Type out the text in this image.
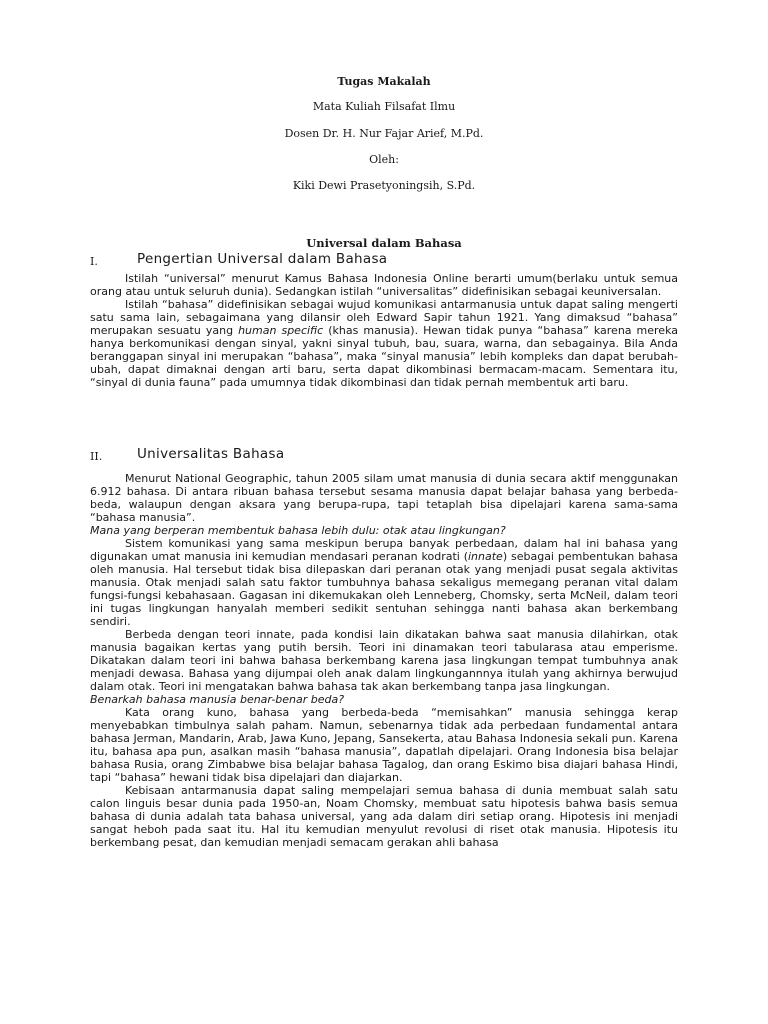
Tugas Makalah
Mata Kuliah Filsafat Ilmu
Dosen Dr. H. Nur Fajar Arief, M.Pd.
Oleh:
Kiki Dewi Prasetyoningsih, S.Pd.
Universal dalam Bahasa
I.	Pengertian Universal dalam Bahasa

Istilah “universal” menurut Kamus Bahasa Indonesia Online berarti umum(berlaku untuk semua orang atau untuk seluruh dunia). Sedangkan istilah “universalitas” didefinisikan sebagai keuniversalan.

Istilah “bahasa” didefinisikan sebagai wujud komunikasi antarmanusia untuk dapat saling mengerti satu sama lain, sebagaimana yang dilansir oleh Edward Sapir tahun 1921. Yang dimaksud “bahasa” merupakan sesuatu yang human specific (khas manusia). Hewan tidak punya “bahasa” karena mereka hanya berkomunikasi dengan sinyal, yakni sinyal tubuh, bau, suara, warna, dan sebagainya. Bila Anda beranggapan sinyal ini merupakan “bahasa”, maka “sinyal manusia” lebih kompleks dan dapat berubah-ubah, dapat dimaknai dengan arti baru, serta dapat dikombinasi bermacam-macam. Sementara itu, “sinyal di dunia fauna” pada umumnya tidak dikombinasi dan tidak pernah membentuk arti baru.

II.	Universalitas Bahasa

Menurut National Geographic, tahun 2005 silam umat manusia di dunia secara aktif menggunakan 6.912 bahasa. Di antara ribuan bahasa tersebut sesama manusia dapat belajar bahasa yang berbeda-beda, walaupun dengan aksara yang berupa-rupa, tapi tetaplah bisa dipelajari karena sama-sama “bahasa manusia”.

Mana yang berperan membentuk bahasa lebih dulu: otak atau lingkungan?

Sistem komunikasi yang sama meskipun berupa banyak perbedaan, dalam hal ini bahasa yang digunakan umat manusia ini kemudian mendasari peranan kodrati (innate) sebagai pembentukan bahasa oleh manusia. Hal tersebut tidak bisa dilepaskan dari peranan otak yang menjadi pusat segala aktivitas manusia. Otak menjadi salah satu faktor tumbuhnya bahasa sekaligus memegang peranan vital dalam fungsi-fungsi kebahasaan. Gagasan ini dikemukakan oleh Lenneberg, Chomsky, serta McNeil, dalam teori ini tugas lingkungan hanyalah memberi sedikit sentuhan sehingga nanti bahasa akan berkembang sendiri.

Berbeda dengan teori innate, pada kondisi lain dikatakan bahwa saat manusia dilahirkan, otak manusia bagaikan kertas yang putih bersih. Teori ini dinamakan teori tabularasa atau emperisme. Dikatakan dalam teori ini bahwa bahasa berkembang karena jasa lingkungan tempat tumbuhnya anak menjadi dewasa. Bahasa yang dijumpai oleh anak dalam lingkungannnya itulah yang akhirnya berwujud dalam otak. Teori ini mengatakan bahwa bahasa tak akan berkembang tanpa jasa lingkungan.

Benarkah bahasa manusia benar-benar beda?

Kata orang kuno, bahasa yang berbeda-beda “memisahkan” manusia sehingga kerap menyebabkan timbulnya salah paham. Namun, sebenarnya tidak ada perbedaan fundamental antara bahasa Jerman, Mandarin, Arab, Jawa Kuno, Jepang, Sansekerta, atau Bahasa Indonesia sekali pun. Karena itu, bahasa apa pun, asalkan masih “bahasa manusia”, dapatlah dipelajari. Orang Indonesia bisa belajar bahasa Rusia, orang Zimbabwe bisa belajar bahasa Tagalog, dan orang Eskimo bisa diajari bahasa Hindi, tapi “bahasa” hewani tidak bisa dipelajari dan diajarkan.

Kebisaan antarmanusia dapat saling mempelajari semua bahasa di dunia membuat salah satu calon linguis besar dunia pada 1950-an, Noam Chomsky, membuat satu hipotesis bahwa basis semua bahasa di dunia adalah tata bahasa universal, yang ada dalam diri setiap orang. Hipotesis ini menjadi sangat heboh pada saat itu. Hal itu kemudian menyulut revolusi di riset otak manusia. Hipotesis itu berkembang pesat, dan kemudian menjadi semacam gerakan ahli bahasa
